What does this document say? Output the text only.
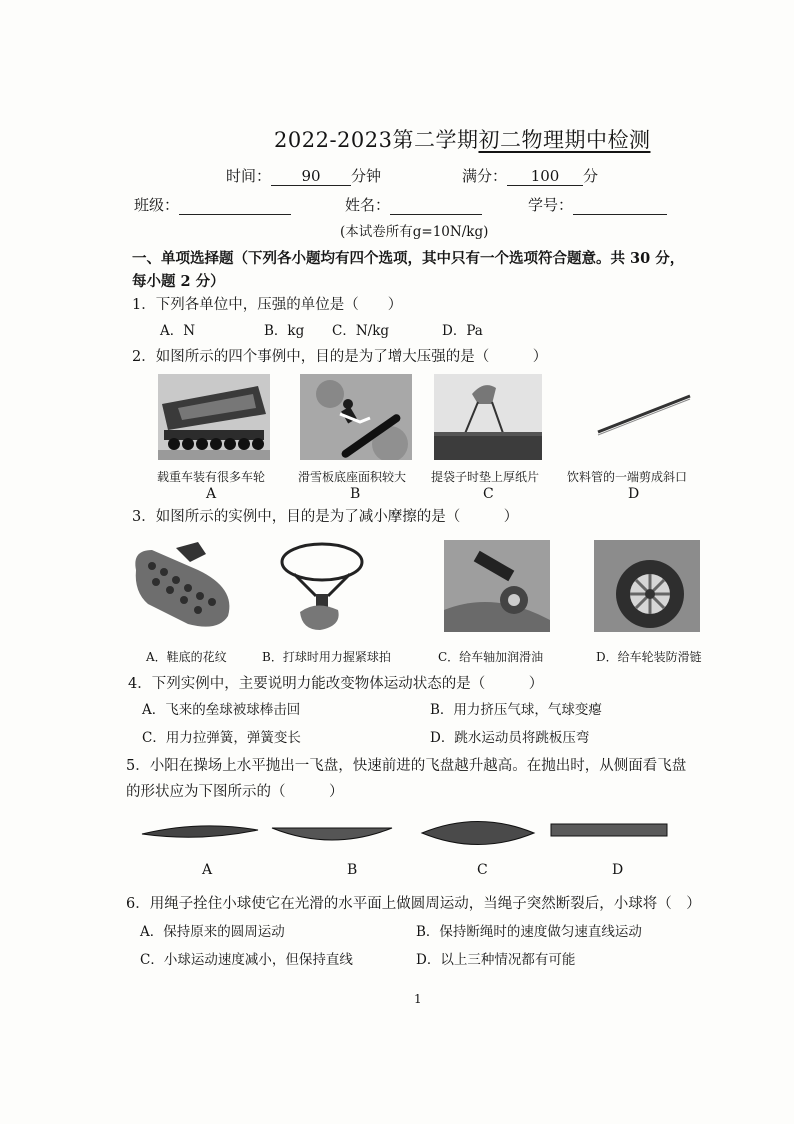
2022-2023第二学期初二物理期中检测
时间： 90 分钟	满分： 100 分
班级：	姓名：	学号：
(本试卷所有g=10N/kg)
一、单项选择题（下列各小题均有四个选项，其中只有一个选项符合题意。共 30 分，
每小题 2 分）
1．下列各单位中，压强的单位是（　　）
A．N	B．kg C．N/kg	D．Pa
2．如图所示的四个事例中，目的是为了增大压强的是（　　　）
载重车装有很多车轮	滑雪板底座面积较大 提袋子时垫上厚纸片 饮料管的一端剪成斜口
A	B	C	D
3．如图所示的实例中，目的是为了减小摩擦的是（　　　）
A．鞋底的花纹	B．打球时用力握紧球拍	C．给车轴加润滑油	D．给车轮装防滑链
4．下列实例中，主要说明力能改变物体运动状态的是（　　　）
A．飞来的垒球被球棒击回	B．用力挤压气球，气球变瘪
C．用力拉弹簧，弹簧变长	D．跳水运动员将跳板压弯
5．小阳在操场上水平抛出一飞盘，快速前进的飞盘越升越高。在抛出时，从侧面看飞盘
的形状应为下图所示的（　　　）
A	B	C	D
6．用绳子拴住小球使它在光滑的水平面上做圆周运动，当绳子突然断裂后，小球将（　）
A．保持原来的圆周运动	B．保持断绳时的速度做匀速直线运动
C．小球运动速度减小，但保持直线	D．以上三种情况都有可能
1
